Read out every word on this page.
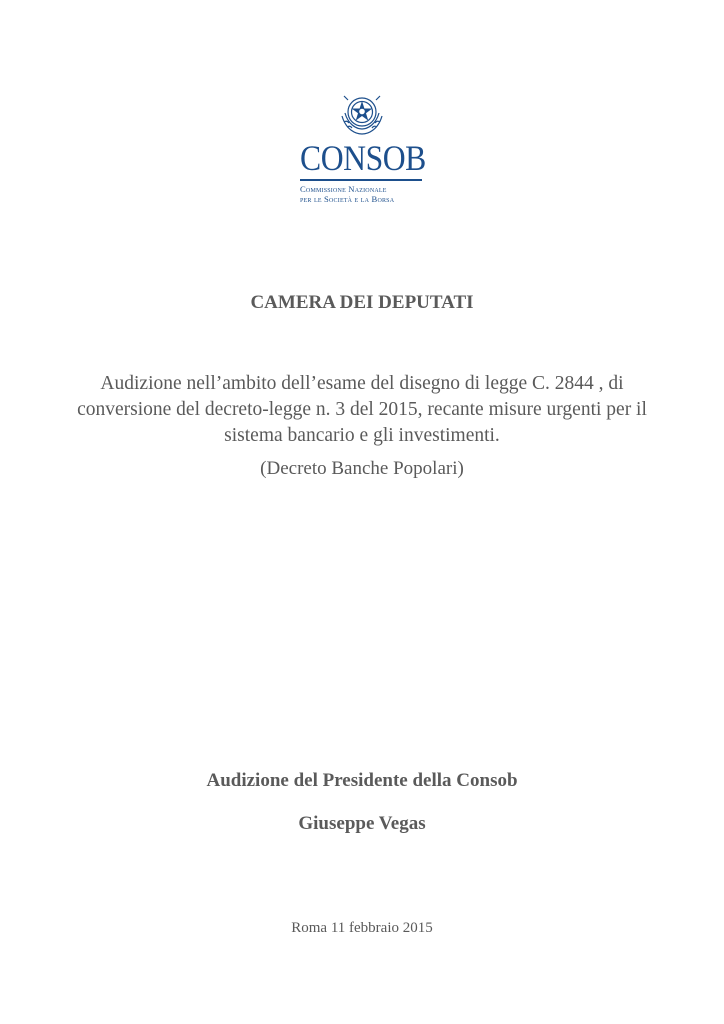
CONSOB
Commissione Nazionale
per le Società e la Borsa
CAMERA DEI DEPUTATI
Audizione nell’ambito dell’esame del disegno di legge C. 2844 , di conversione del decreto-legge n. 3 del 2015, recante misure urgenti per il sistema bancario e gli investimenti.
(Decreto Banche Popolari)
Audizione del Presidente della Consob
Giuseppe Vegas
Roma 11 febbraio 2015
